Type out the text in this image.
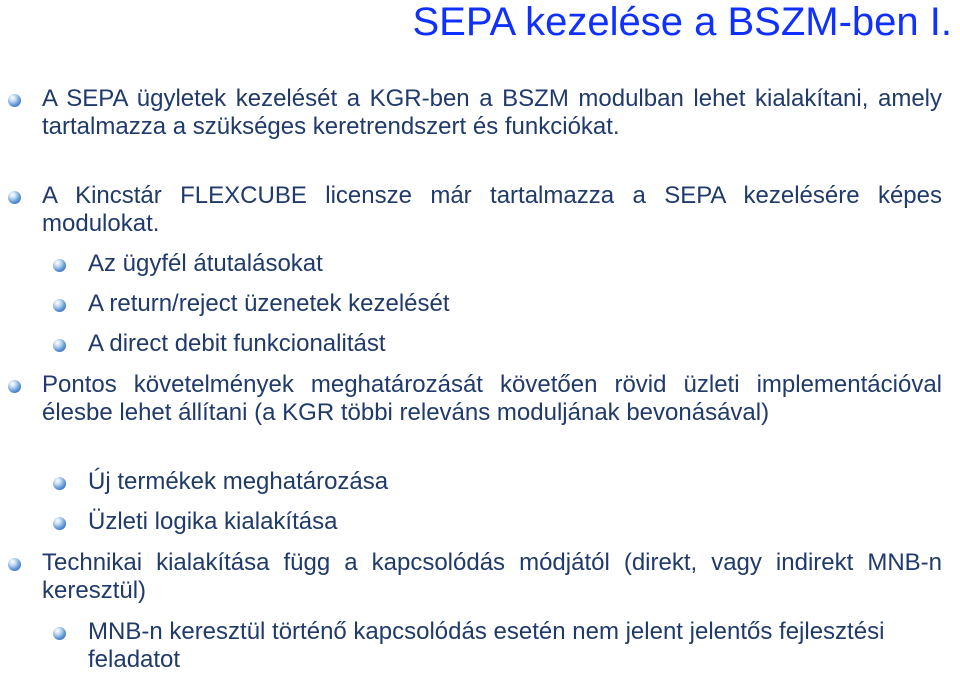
SEPA kezelése a BSZM-ben I.
A SEPA ügyletek kezelését a KGR-ben a BSZM modulban lehet kialakítani, amely tartalmazza a szükséges keretrendszert és funkciókat.
A Kincstár FLEXCUBE licensze már tartalmazza a SEPA kezelésére képes modulokat.
Az ügyfél átutalásokat
A return/reject üzenetek kezelését
A direct debit funkcionalitást
Pontos követelmények meghatározását követően rövid üzleti implementációval élesbe lehet állítani (a KGR többi releváns moduljának bevonásával)
Új termékek meghatározása
Üzleti logika kialakítása
Technikai kialakítása függ a kapcsolódás módjától (direkt, vagy indirekt MNB-n keresztül)
MNB-n keresztül történő kapcsolódás esetén nem jelent jelentős fejlesztési feladatot
